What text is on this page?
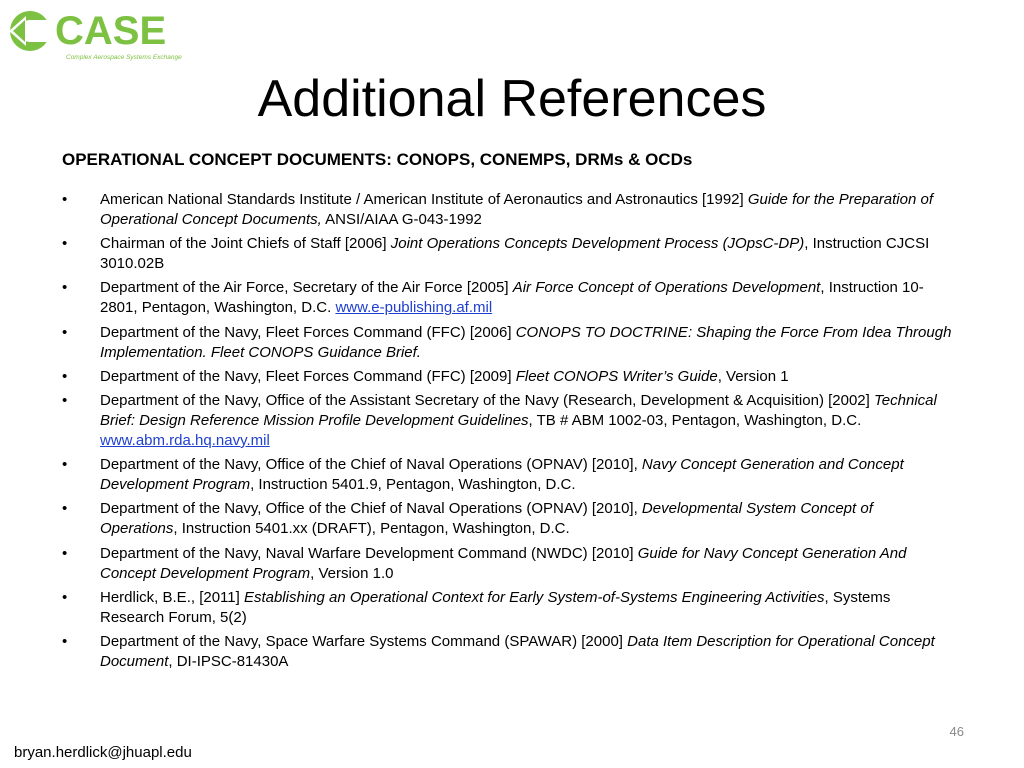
CASE
Complex Aerospace Systems Exchange
Additional References
OPERATIONAL CONCEPT DOCUMENTS: CONOPS, CONEMPS, DRMs & OCDs
•	American National Standards Institute / American Institute of Aeronautics and Astronautics [1992] Guide for the Preparation of Operational Concept Documents, ANSI/AIAA G-043-1992
•	Chairman of the Joint Chiefs of Staff [2006] Joint Operations Concepts Development Process (JOpsC-DP), Instruction CJCSI 3010.02B
•	Department of the Air Force, Secretary of the Air Force [2005] Air Force Concept of Operations Development, Instruction 10-2801, Pentagon, Washington, D.C. www.e-publishing.af.mil
•	Department of the Navy, Fleet Forces Command (FFC) [2006] CONOPS TO DOCTRINE: Shaping the Force From Idea Through Implementation. Fleet CONOPS Guidance Brief.
•	Department of the Navy, Fleet Forces Command (FFC) [2009] Fleet CONOPS Writer’s Guide, Version 1
•	Department of the Navy, Office of the Assistant Secretary of the Navy (Research, Development & Acquisition) [2002] Technical Brief: Design Reference Mission Profile Development Guidelines, TB # ABM 1002-03, Pentagon, Washington, D.C. www.abm.rda.hq.navy.mil
•	Department of the Navy, Office of the Chief of Naval Operations (OPNAV) [2010], Navy Concept Generation and Concept Development Program, Instruction 5401.9, Pentagon, Washington, D.C.
•	Department of the Navy, Office of the Chief of Naval Operations (OPNAV) [2010], Developmental System Concept of Operations, Instruction 5401.xx (DRAFT), Pentagon, Washington, D.C.
•	Department of the Navy, Naval Warfare Development Command (NWDC) [2010] Guide for Navy Concept Generation And Concept Development Program, Version 1.0
•	Herdlick, B.E., [2011] Establishing an Operational Context for Early System-of-Systems Engineering Activities, Systems Research Forum, 5(2)
•	Department of the Navy, Space Warfare Systems Command (SPAWAR) [2000] Data Item Description for Operational Concept Document, DI-IPSC-81430A
46
bryan.herdlick@jhuapl.edu
